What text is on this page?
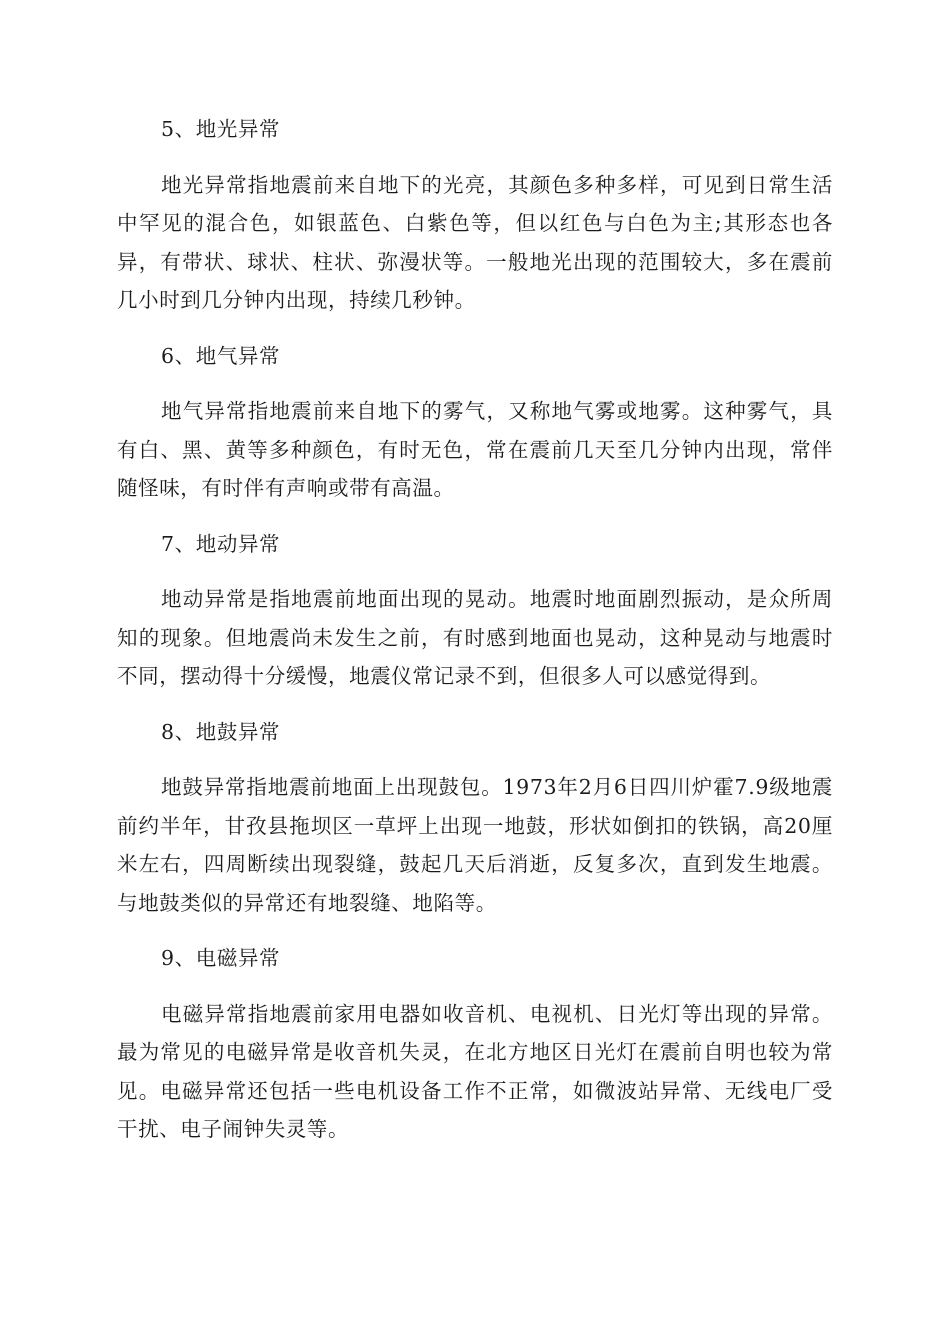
5、地光异常

地光异常指地震前来自地下的光亮，其颜色多种多样，可见到日常生活中罕见的混合色，如银蓝色、白紫色等，但以红色与白色为主;其形态也各异，有带状、球状、柱状、弥漫状等。一般地光出现的范围较大，多在震前几小时到几分钟内出现，持续几秒钟。

6、地气异常

地气异常指地震前来自地下的雾气，又称地气雾或地雾。这种雾气，具有白、黑、黄等多种颜色，有时无色，常在震前几天至几分钟内出现，常伴随怪味，有时伴有声响或带有高温。

7、地动异常

地动异常是指地震前地面出现的晃动。地震时地面剧烈振动，是众所周知的现象。但地震尚未发生之前，有时感到地面也晃动，这种晃动与地震时不同，摆动得十分缓慢，地震仪常记录不到，但很多人可以感觉得到。

8、地鼓异常

地鼓异常指地震前地面上出现鼓包。1973年2月6日四川炉霍7.9级地震前约半年，甘孜县拖坝区一草坪上出现一地鼓，形状如倒扣的铁锅，高20厘米左右，四周断续出现裂缝，鼓起几天后消逝，反复多次，直到发生地震。与地鼓类似的异常还有地裂缝、地陷等。

9、电磁异常

电磁异常指地震前家用电器如收音机、电视机、日光灯等出现的异常。最为常见的电磁异常是收音机失灵，在北方地区日光灯在震前自明也较为常见。电磁异常还包括一些电机设备工作不正常，如微波站异常、无线电厂受干扰、电子闹钟失灵等。
